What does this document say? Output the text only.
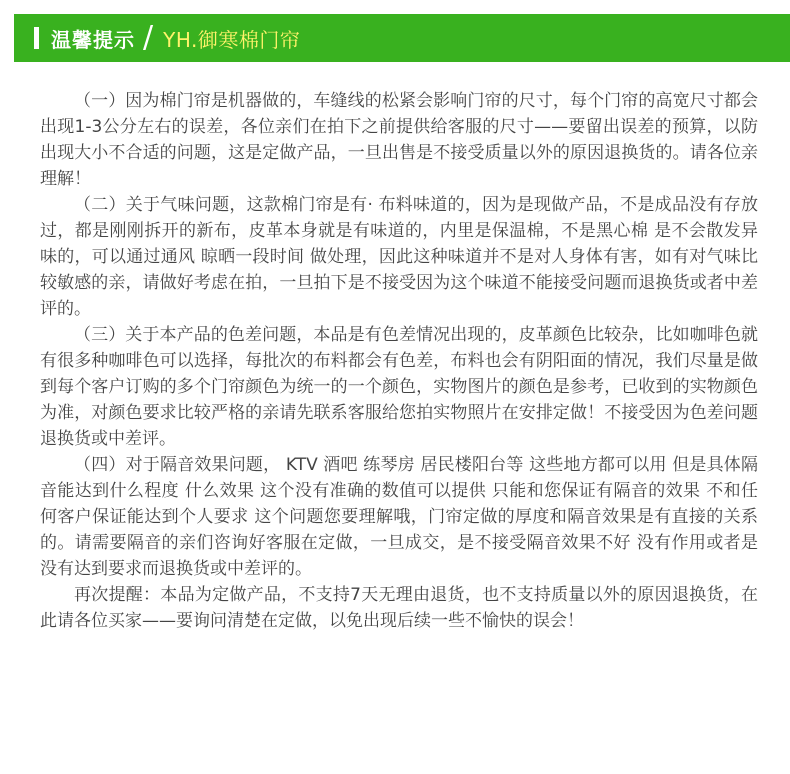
温馨提示 / YH.御寒棉门帘

（一）因为棉门帘是机器做的，车缝线的松紧会影响门帘的尺寸，每个门帘的高宽尺寸都会出现1-3公分左右的误差，各位亲们在拍下之前提供给客服的尺寸——要留出误差的预算，以防出现大小不合适的问题，这是定做产品，一旦出售是不接受质量以外的原因退换货的。请各位亲理解！

（二）关于气味问题，这款棉门帘是有· 布料味道的，因为是现做产品，不是成品没有存放过，都是刚刚拆开的新布，皮革本身就是有味道的，内里是保温棉，不是黑心棉 是不会散发异味的，可以通过通风 晾晒一段时间 做处理，因此这种味道并不是对人身体有害，如有对气味比较敏感的亲，请做好考虑在拍，一旦拍下是不接受因为这个味道不能接受问题而退换货或者中差评的。

（三）关于本产品的色差问题，本品是有色差情况出现的，皮革颜色比较杂，比如咖啡色就有很多种咖啡色可以选择，每批次的布料都会有色差，布料也会有阴阳面的情况，我们尽量是做到每个客户订购的多个门帘颜色为统一的一个颜色，实物图片的颜色是参考，已收到的实物颜色为准，对颜色要求比较严格的亲请先联系客服给您拍实物照片在安排定做！不接受因为色差问题退换货或中差评。

（四）对于隔音效果问题， KTV 酒吧 练琴房 居民楼阳台等 这些地方都可以用 但是具体隔音能达到什么程度 什么效果 这个没有准确的数值可以提供 只能和您保证有隔音的效果 不和任何客户保证能达到个人要求 这个问题您要理解哦，门帘定做的厚度和隔音效果是有直接的关系的。请需要隔音的亲们咨询好客服在定做，一旦成交，是不接受隔音效果不好 没有作用或者是没有达到要求而退换货或中差评的。

再次提醒：本品为定做产品，不支持7天无理由退货，也不支持质量以外的原因退换货，在此请各位买家——要询问清楚在定做，以免出现后续一些不愉快的误会！
